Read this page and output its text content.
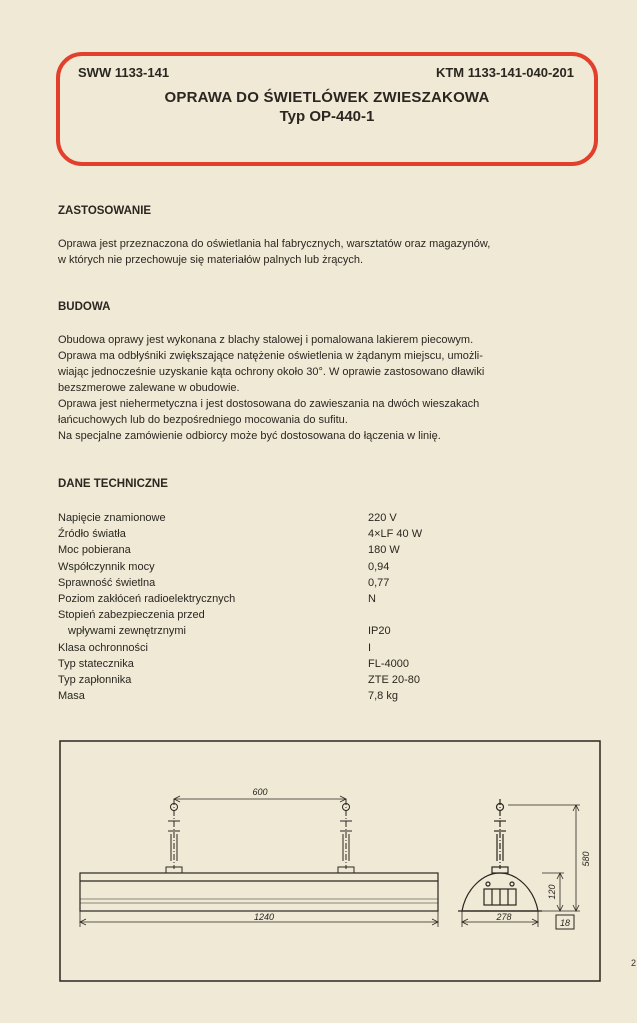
SWW 1133-141	KTM 1133-141-040-201
OPRAWA DO ŚWIETLÓWEK ZWIESZAKOWA
Typ OP-440-1
ZASTOSOWANIE

Oprawa jest przeznaczona do oświetlania hal fabrycznych, warsztatów oraz magazynów,

w których nie przechowuje się materiałów palnych lub żrących.

BUDOWA

Obudowa oprawy jest wykonana z blachy stalowej i pomalowana lakierem piecowym.

Oprawa ma odbłyśniki zwiększające natężenie oświetlenia w żądanym miejscu, umożli-

wiając jednocześnie uzyskanie kąta ochrony około 30°. W oprawie zastosowano dławiki

bezszmerowe zalewane w obudowie.

Oprawa jest niehermetyczna i jest dostosowana do zawieszania na dwóch wieszakach

łańcuchowych lub do bezpośredniego mocowania do sufitu.

Na specjalne zamówienie odbiorcy może być dostosowana do łączenia w linię.

DANE TECHNICZNE
Napięcie znamionowe	220 V
Źródło światła	4×LF 40 W
Moc pobierana	180 W
Współczynnik mocy	0,94
Sprawność świetlna	0,77
Poziom zakłóceń radioelektrycznych	N
Stopień zabezpieczenia przed
wpływami zewnętrznymi	IP20
Klasa ochronności	I
Typ statecznika	FL-4000
Typ zapłonnika	ZTE 20-80
Masa	7,8 kg
600
1240	278
580
120
18
2
